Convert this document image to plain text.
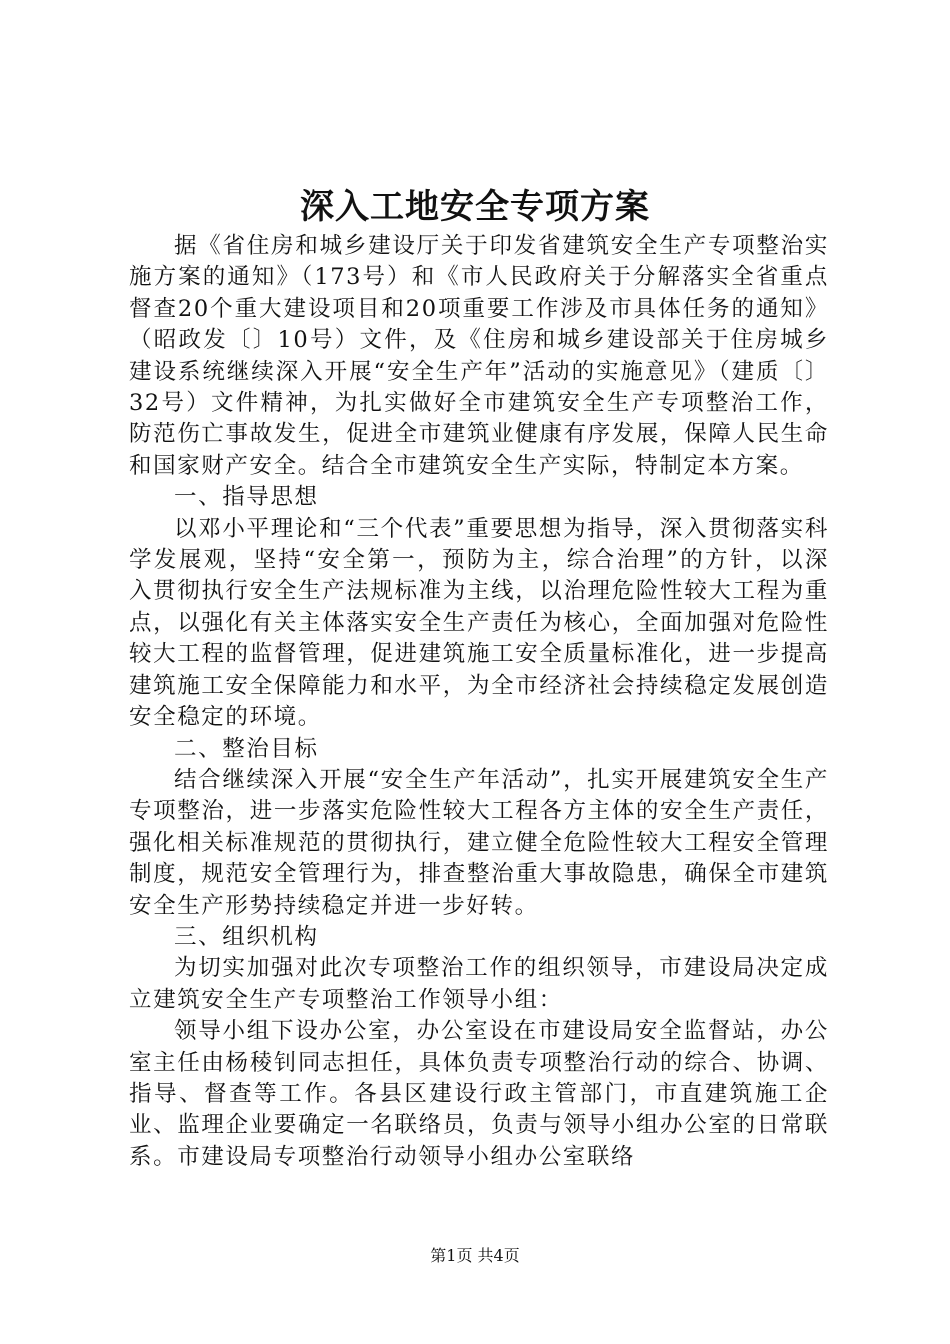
深入工地安全专项方案

据《省住房和城乡建设厅关于印发省建筑安全生产专项整治实施方案的通知》（173号）和《市人民政府关于分解落实全省重点督查20个重大建设项目和20项重要工作涉及市具体任务的通知》（昭政发〔〕10号）文件，及《住房和城乡建设部关于住房城乡建设系统继续深入开展“安全生产年”活动的实施意见》（建质〔〕32号）文件精神，为扎实做好全市建筑安全生产专项整治工作，防范伤亡事故发生，促进全市建筑业健康有序发展，保障人民生命和国家财产安全。结合全市建筑安全生产实际，特制定本方案。

一、指导思想

以邓小平理论和“三个代表”重要思想为指导，深入贯彻落实科学发展观，坚持“安全第一，预防为主，综合治理”的方针，以深入贯彻执行安全生产法规标准为主线，以治理危险性较大工程为重点，以强化有关主体落实安全生产责任为核心，全面加强对危险性较大工程的监督管理，促进建筑施工安全质量标准化，进一步提高建筑施工安全保障能力和水平，为全市经济社会持续稳定发展创造安全稳定的环境。

二、整治目标

结合继续深入开展“安全生产年活动”，扎实开展建筑安全生产专项整治，进一步落实危险性较大工程各方主体的安全生产责任，强化相关标准规范的贯彻执行，建立健全危险性较大工程安全管理制度，规范安全管理行为，排查整治重大事故隐患，确保全市建筑安全生产形势持续稳定并进一步好转。

三、组织机构

为切实加强对此次专项整治工作的组织领导，市建设局决定成立建筑安全生产专项整治工作领导小组：

领导小组下设办公室，办公室设在市建设局安全监督站，办公室主任由杨稜钊同志担任，具体负责专项整治行动的综合、协调、指导、督查等工作。各县区建设行政主管部门，市直建筑施工企业、监理企业要确定一名联络员，负责与领导小组办公室的日常联系。市建设局专项整治行动领导小组办公室联络

第1页 共4页
